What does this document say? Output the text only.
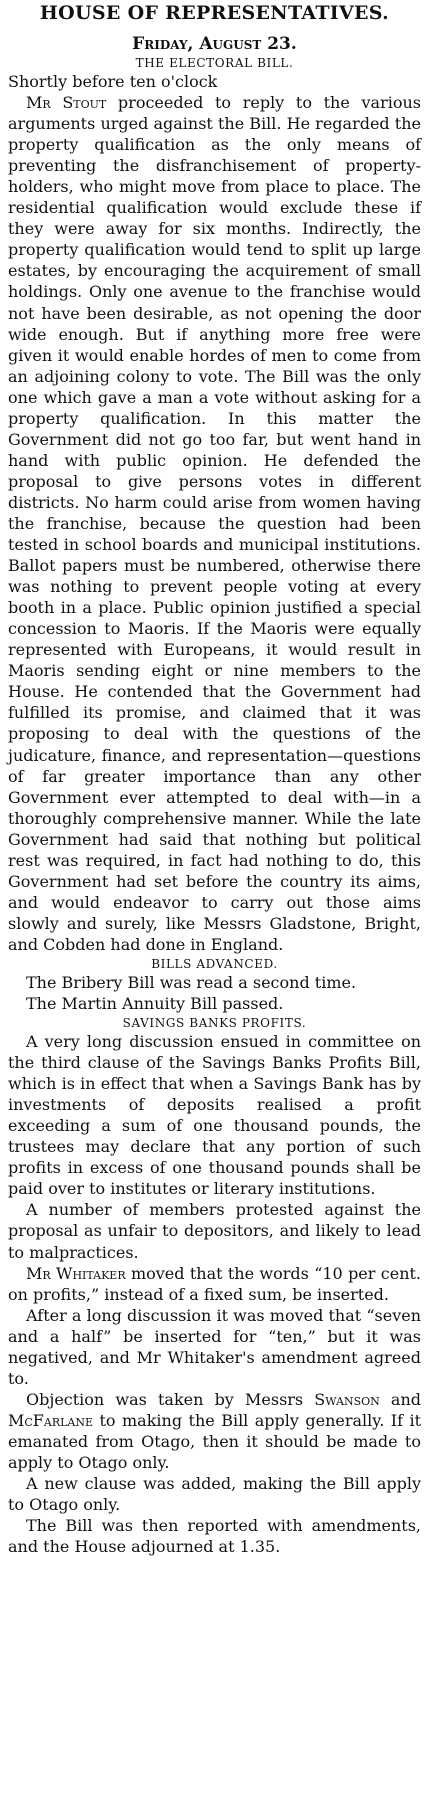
HOUSE OF REPRESENTATIVES.
Friday, August 23.
THE ELECTORAL BILL.

Shortly before ten o'clock

Mr Stout proceeded to reply to the various arguments urged against the Bill. He regarded the property qualification as the only means of preventing the disfranchisement of property-holders, who might move from place to place. The residential qualification would exclude these if they were away for six months. Indirectly, the property qualification would tend to split up large estates, by encouraging the acquirement of small holdings. Only one avenue to the franchise would not have been desirable, as not opening the door wide enough. But if anything more free were given it would enable hordes of men to come from an adjoining colony to vote. The Bill was the only one which gave a man a vote without asking for a property qualification. In this matter the Government did not go too far, but went hand in hand with public opinion. He defended the proposal to give persons votes in different districts. No harm could arise from women having the franchise, because the question had been tested in school boards and municipal institutions. Ballot papers must be numbered, otherwise there was nothing to prevent people voting at every booth in a place. Public opinion justified a special concession to Maoris. If the Maoris were equally represented with Europeans, it would result in Maoris sending eight or nine members to the House. He contended that the Government had fulfilled its promise, and claimed that it was proposing to deal with the questions of the judicature, finance, and representation—questions of far greater importance than any other Government ever attempted to deal with—in a thoroughly comprehensive manner. While the late Government had said that nothing but political rest was required, in fact had nothing to do, this Government had set before the country its aims, and would endeavor to carry out those aims slowly and surely, like Messrs Gladstone, Bright, and Cobden had done in England.

BILLS ADVANCED.

The Bribery Bill was read a second time.

The Martin Annuity Bill passed.

SAVINGS BANKS PROFITS.

A very long discussion ensued in committee on the third clause of the Savings Banks Profits Bill, which is in effect that when a Savings Bank has by investments of deposits realised a profit exceeding a sum of one thousand pounds, the trustees may declare that any portion of such profits in excess of one thousand pounds shall be paid over to institutes or literary institutions.

A number of members protested against the proposal as unfair to depositors, and likely to lead to malpractices.

Mr Whitaker moved that the words “10 per cent. on profits,” instead of a fixed sum, be inserted.

After a long discussion it was moved that “seven and a half” be inserted for “ten,” but it was negatived, and Mr Whitaker's amendment agreed to.

Objection was taken by Messrs Swanson and McFarlane to making the Bill apply generally. If it emanated from Otago, then it should be made to apply to Otago only.

A new clause was added, making the Bill apply to Otago only.

The Bill was then reported with amendments, and the House adjourned at 1.35.
